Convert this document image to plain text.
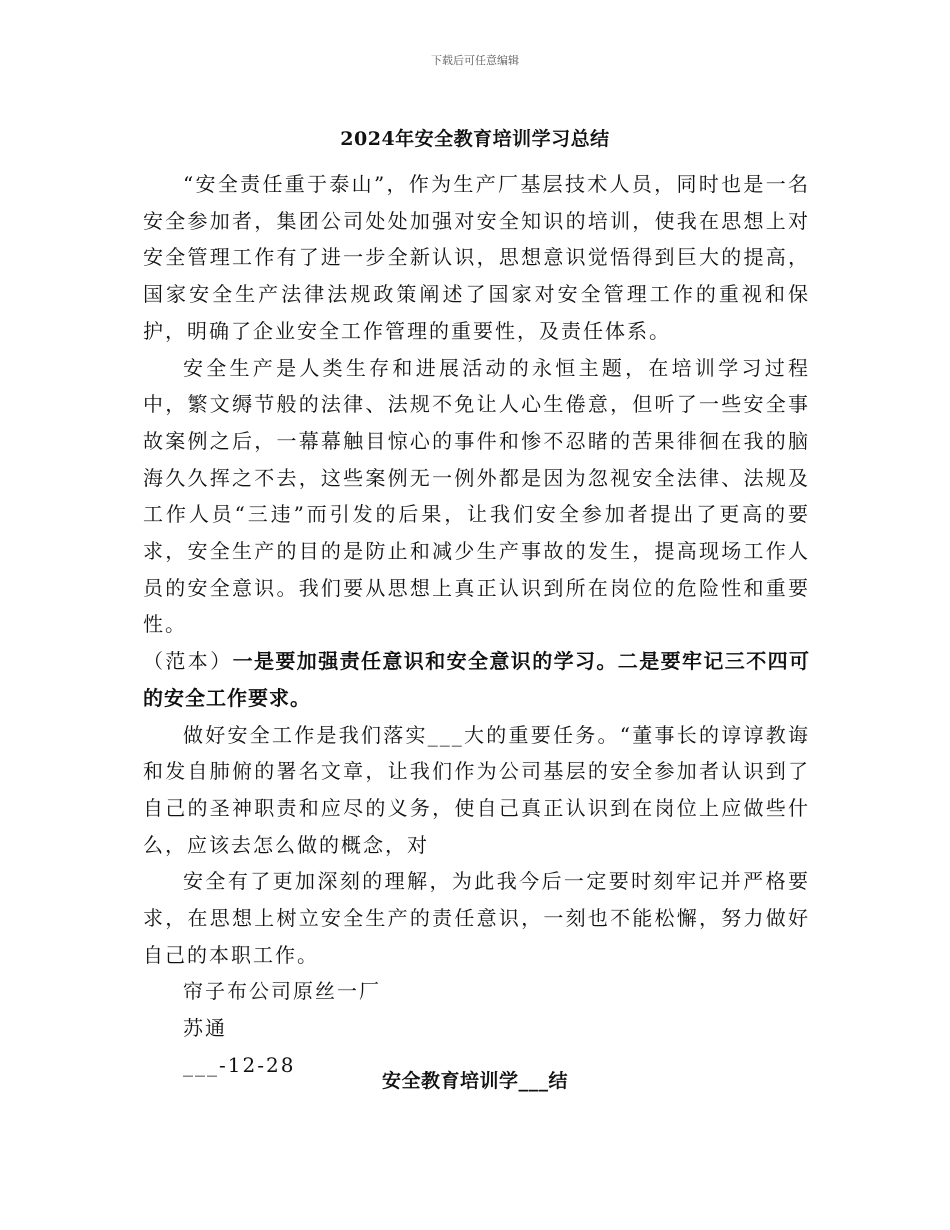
下载后可任意编辑
2024年安全教育培训学习总结

“安全责任重于泰山”，作为生产厂基层技术人员，同时也是一名安全参加者，集团公司处处加强对安全知识的培训，使我在思想上对安全管理工作有了进一步全新认识，思想意识觉悟得到巨大的提高，国家安全生产法律法规政策阐述了国家对安全管理工作的重视和保护，明确了企业安全工作管理的重要性，及责任体系。

安全生产是人类生存和进展活动的永恒主题，在培训学习过程中，繁文缛节般的法律、法规不免让人心生倦意，但听了一些安全事故案例之后，一幕幕触目惊心的事件和惨不忍睹的苦果徘徊在我的脑海久久挥之不去，这些案例无一例外都是因为忽视安全法律、法规及工作人员“三违”而引发的后果，让我们安全参加者提出了更高的要求，安全生产的目的是防止和减少生产事故的发生，提高现场工作人员的安全意识。我们要从思想上真正认识到所在岗位的危险性和重要性。
（范本）一是要加强责任意识和安全意识的学习。二是要牢记三不四可的安全工作要求。

做好安全工作是我们落实___大的重要任务。“董事长的谆谆教诲和发自肺俯的署名文章，让我们作为公司基层的安全参加者认识到了自己的圣神职责和应尽的义务，使自己真正认识到在岗位上应做些什么，应该去怎么做的概念，对

安全有了更加深刻的理解，为此我今后一定要时刻牢记并严格要求，在思想上树立安全生产的责任意识，一刻也不能松懈，努力做好自己的本职工作。

帘子布公司原丝一厂

苏通

___-12-28

安全教育培训学___结
